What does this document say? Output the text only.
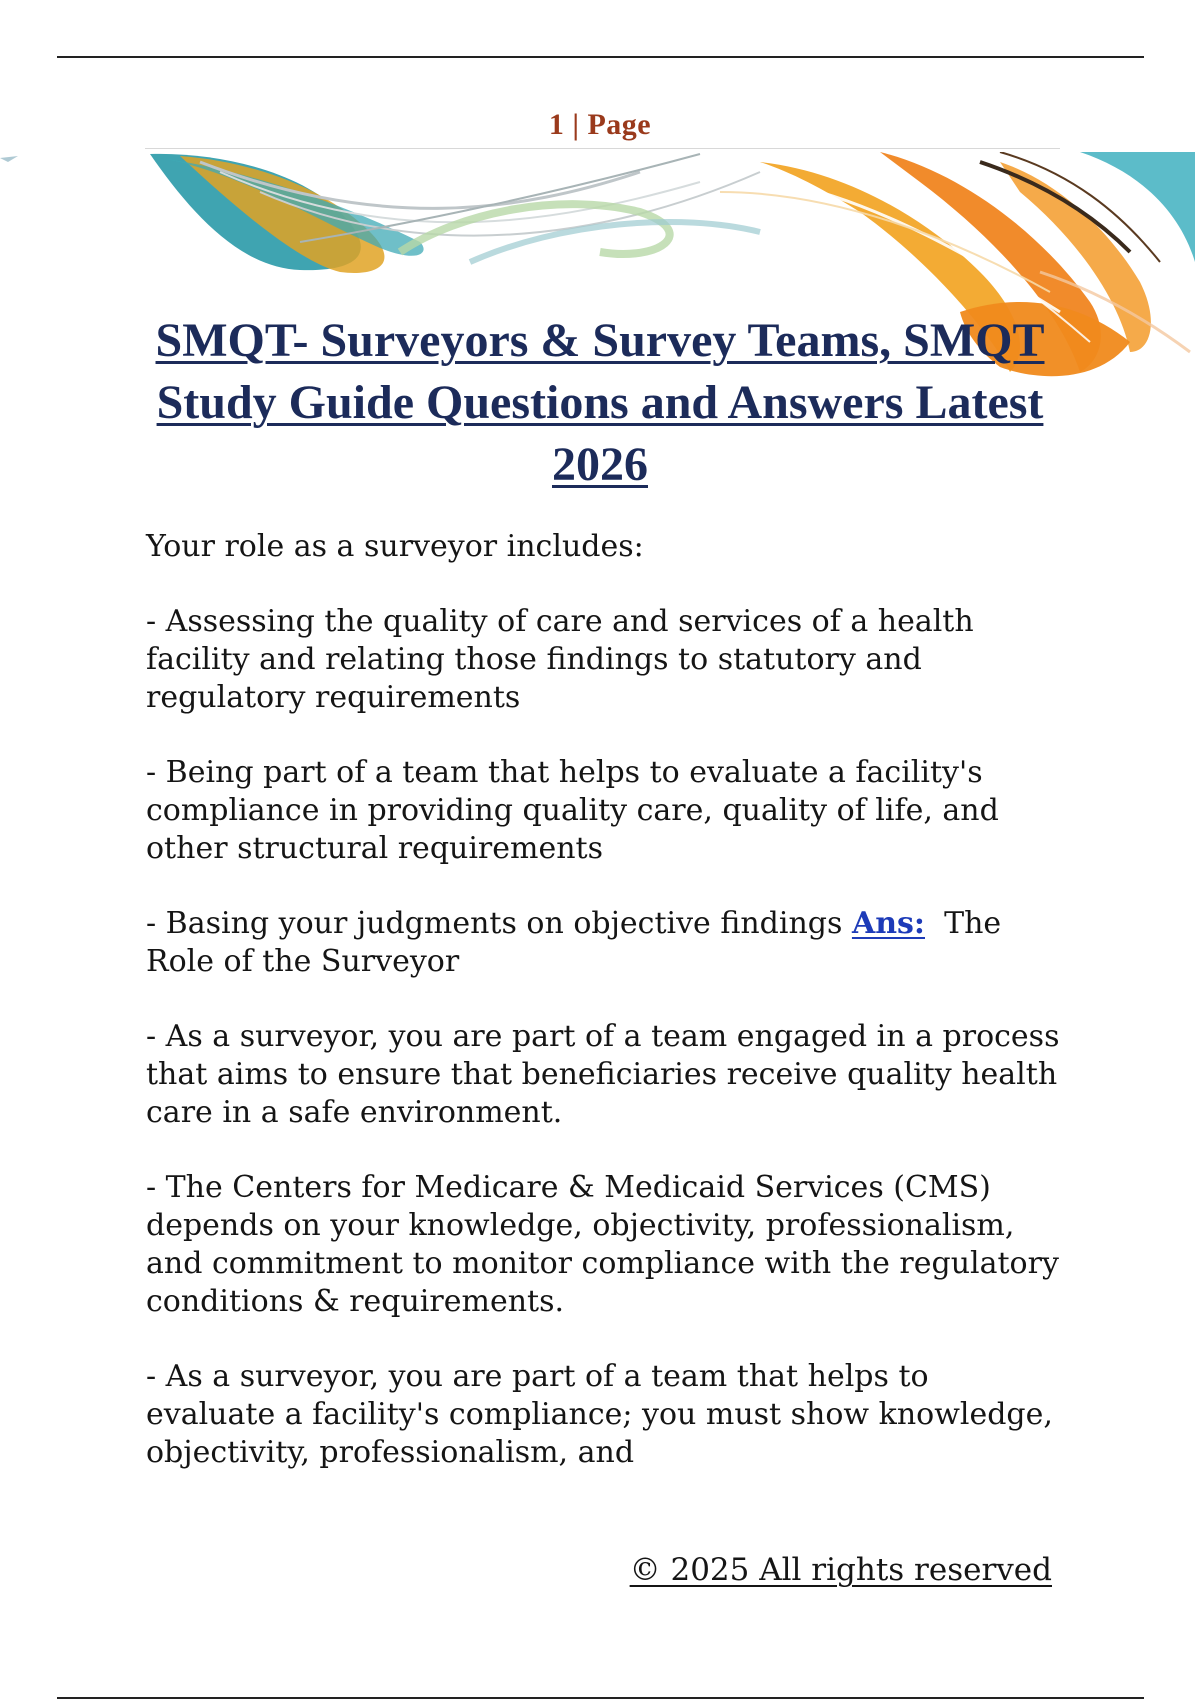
1 | Page
SMQT- Surveyors & Survey Teams, SMQT Study Guide Questions and Answers Latest 2026

Your role as a surveyor includes:

- Assessing the quality of care and services of a health facility and relating those findings to statutory and regulatory requirements

- Being part of a team that helps to evaluate a facility's compliance in providing quality care, quality of life, and other structural requirements

- Basing your judgments on objective findings Ans: The Role of the Surveyor

- As a surveyor, you are part of a team engaged in a process that aims to ensure that beneficiaries receive quality health care in a safe environment.

- The Centers for Medicare & Medicaid Services (CMS) depends on your knowledge, objectivity, professionalism, and commitment to monitor compliance with the regulatory conditions & requirements.

- As a surveyor, you are part of a team that helps to evaluate a facility's compliance; you must show knowledge, objectivity, professionalism, and

© 2025 All rights reserved
